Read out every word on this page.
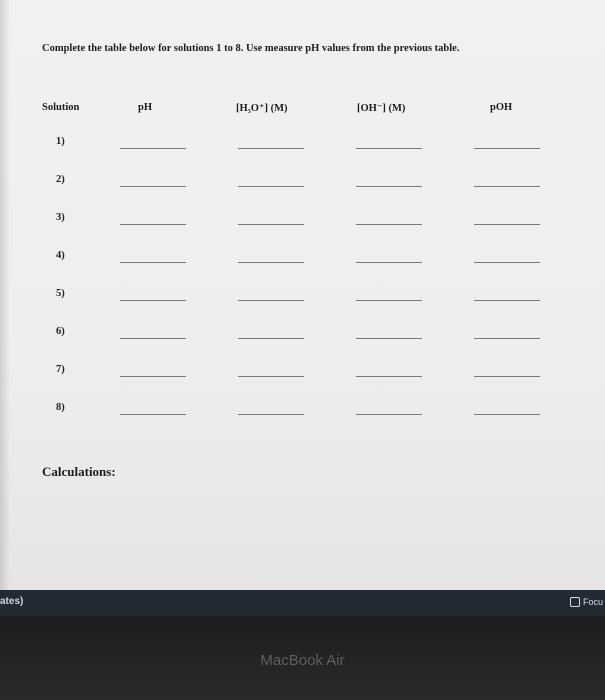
Complete the table below for solutions 1 to 8. Use measure pH values from the previous table.
Solution	pH	[H₃O⁺] (M)	[OH⁻] (M)	pOH
1)
2)
3)
4)
5)
6)
7)
8)
Calculations:
ates)	Focu
MacBook Air
